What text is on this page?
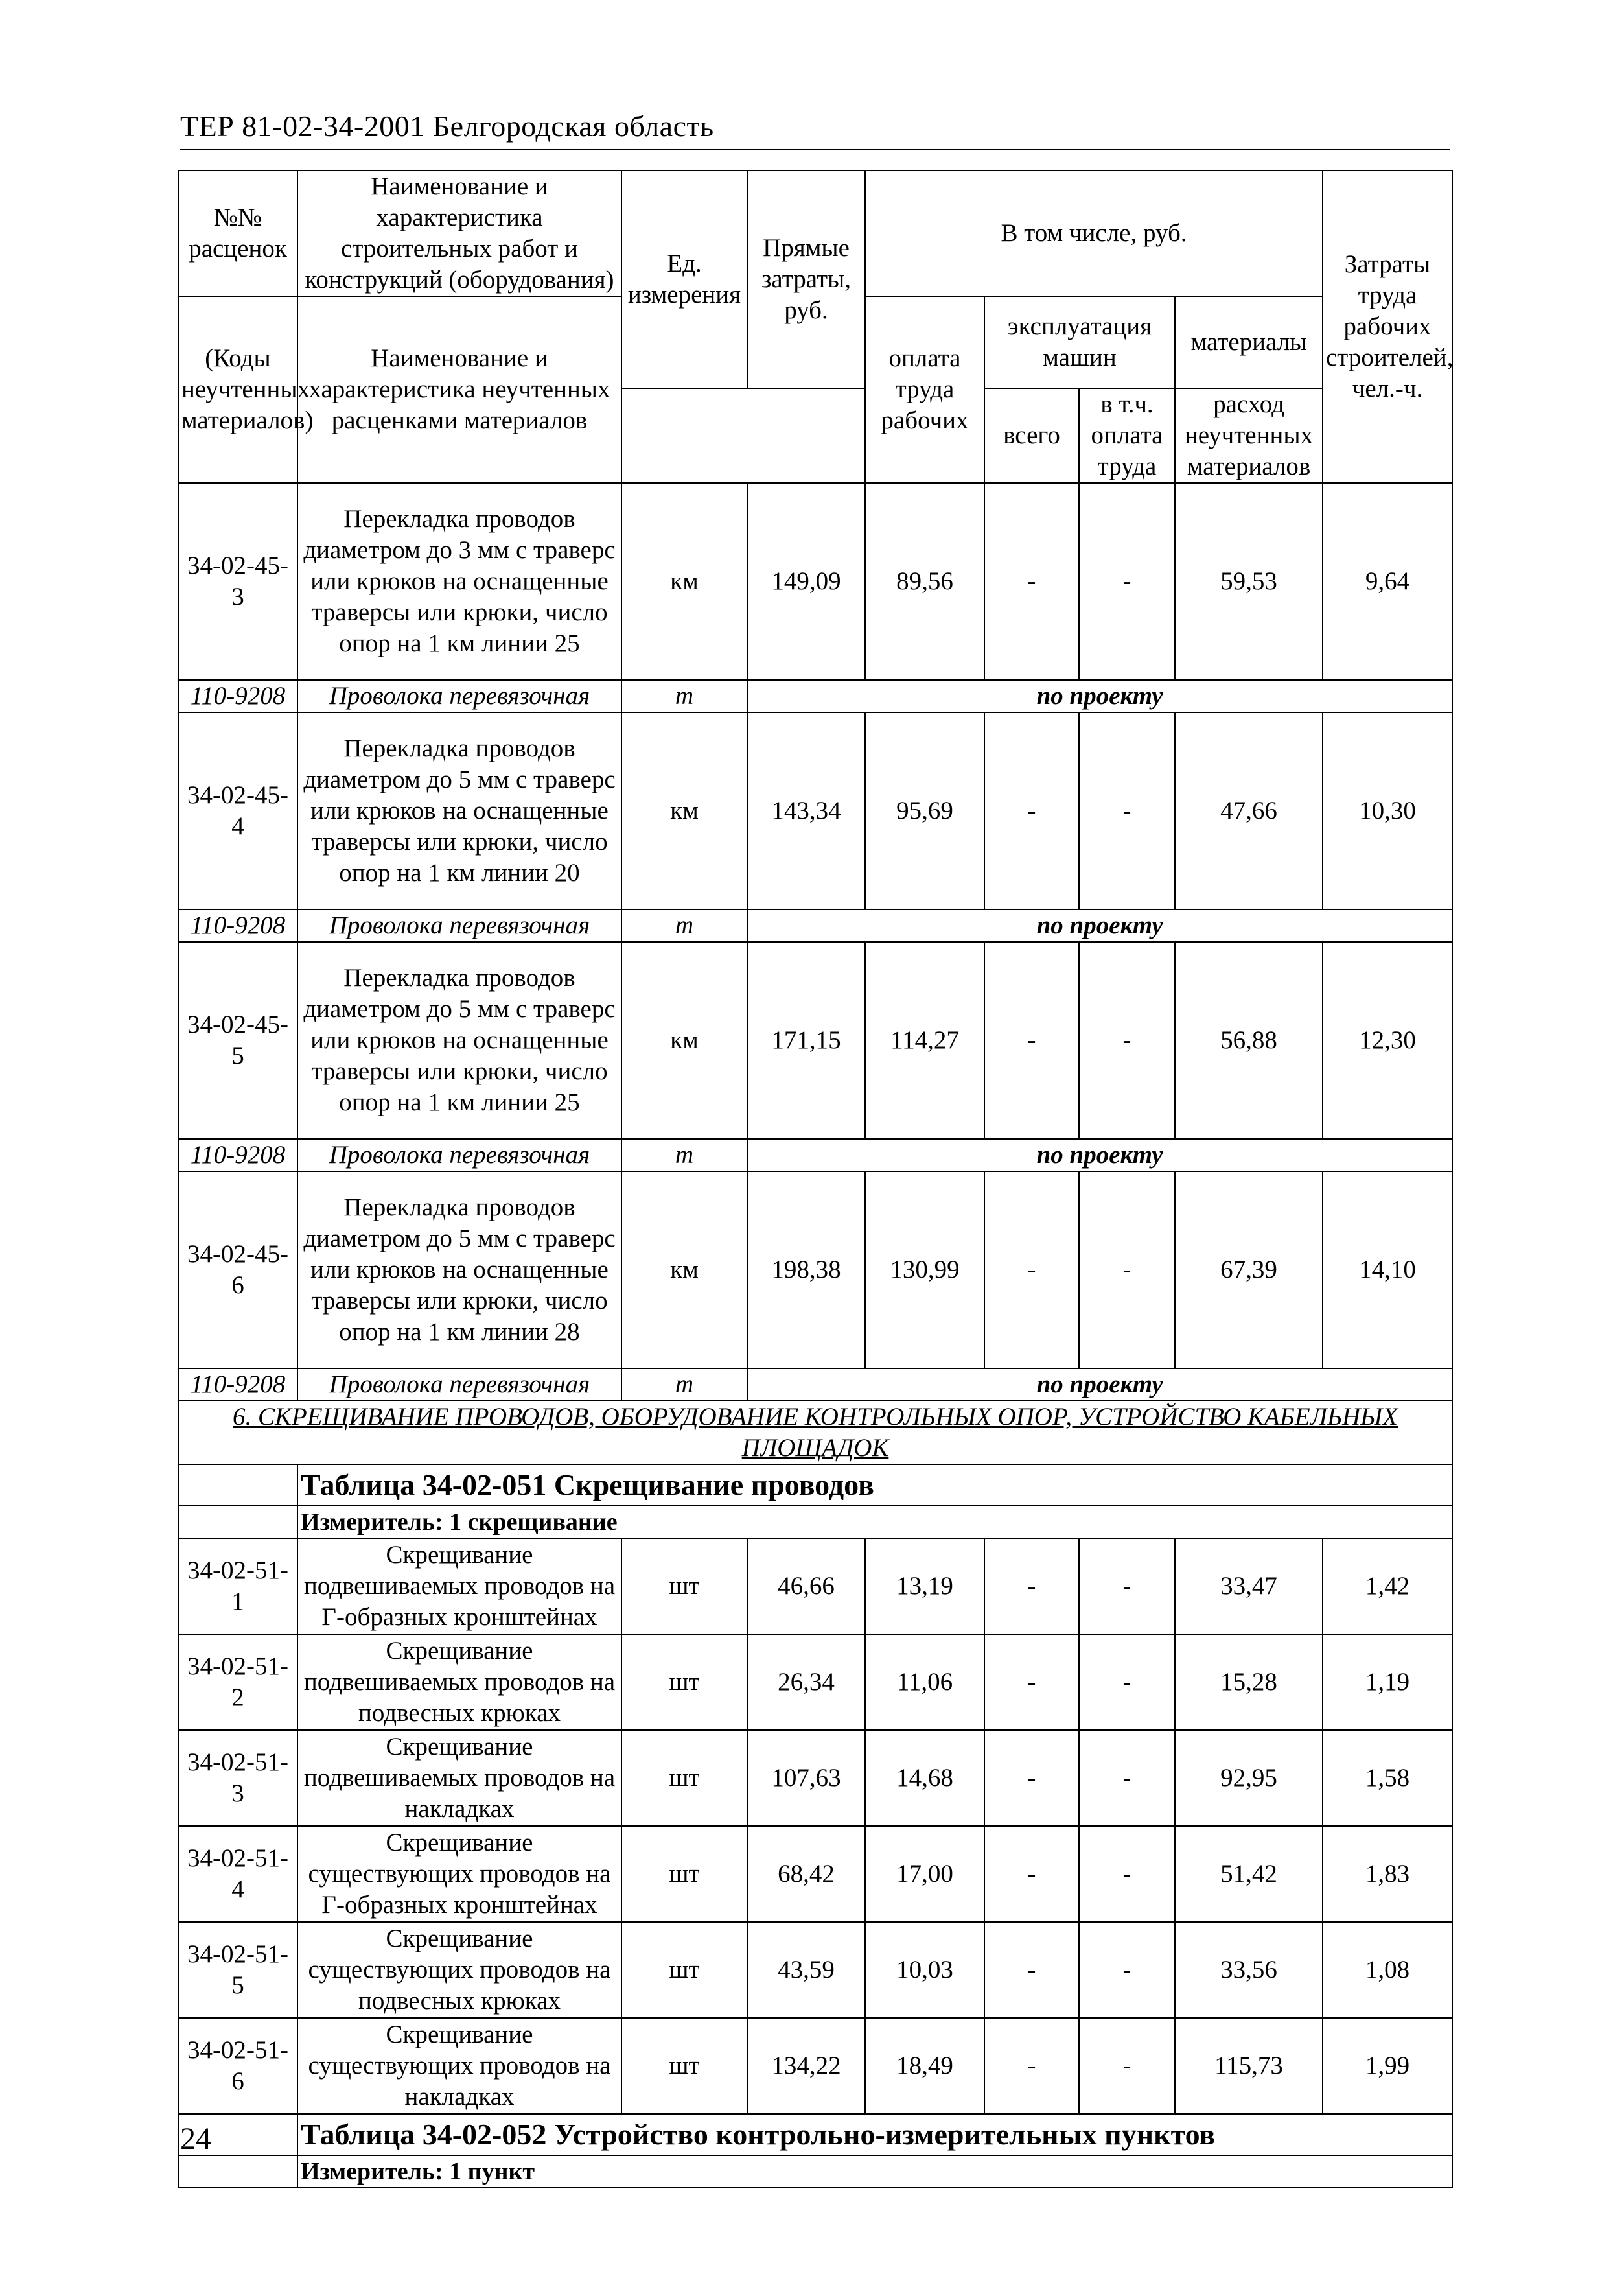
ТЕР 81-02-34-2001 Белгородская область
№№ расценок	Наименование и характеристика строительных работ и конструкций (оборудования)	Ед. измерения	Прямые затраты, руб.	В том числе, руб.				Затраты труда рабочих строителей, чел.-ч.
(Коды неучтенных материалов)	Наименование и характеристика неучтенных расценками материалов			оплата труда рабочих	эксплуатация машин		материалы	
					всего	в т.ч. оплата труда	расход неучтенных материалов	
34-02-45-3	Перекладка проводов диаметром до 3 мм с траверс или крюков на оснащенные траверсы или крюки, число опор на 1 км линии 25	км	149,09	89,56	-	-	59,53	9,64
110-9208	Проволока перевязочная	т	по проекту					
34-02-45-4	Перекладка проводов диаметром до 5 мм с траверс или крюков на оснащенные траверсы или крюки, число опор на 1 км линии 20	км	143,34	95,69	-	-	47,66	10,30
110-9208	Проволока перевязочная	т	по проекту					
34-02-45-5	Перекладка проводов диаметром до 5 мм с траверс или крюков на оснащенные траверсы или крюки, число опор на 1 км линии 25	км	171,15	114,27	-	-	56,88	12,30
110-9208	Проволока перевязочная	т	по проекту					
34-02-45-6	Перекладка проводов диаметром до 5 мм с траверс или крюков на оснащенные траверсы или крюки, число опор на 1 км линии 28	км	198,38	130,99	-	-	67,39	14,10
110-9208	Проволока перевязочная	т	по проекту					
6. СКРЕЩИВАНИЕ ПРОВОДОВ, ОБОРУДОВАНИЕ КОНТРОЛЬНЫХ ОПОР, УСТРОЙСТВО КАБЕЛЬНЫХ ПЛОЩАДОК								
	Таблица 34-02-051 Скрещивание проводов							
	Измеритель: 1 скрещивание							
34-02-51-1	Скрещивание подвешиваемых проводов на Г-образных кронштейнах	шт	46,66	13,19	-	-	33,47	1,42
34-02-51-2	Скрещивание подвешиваемых проводов на подвесных крюках	шт	26,34	11,06	-	-	15,28	1,19
34-02-51-3	Скрещивание подвешиваемых проводов на накладках	шт	107,63	14,68	-	-	92,95	1,58
34-02-51-4	Скрещивание существующих проводов на Г-образных кронштейнах	шт	68,42	17,00	-	-	51,42	1,83
34-02-51-5	Скрещивание существующих проводов на подвесных крюках	шт	43,59	10,03	-	-	33,56	1,08
34-02-51-6	Скрещивание существующих проводов на накладках	шт	134,22	18,49	-	-	115,73	1,99
	Таблица 34-02-052 Устройство контрольно-измерительных пунктов							
	Измеритель: 1 пункт							
24
